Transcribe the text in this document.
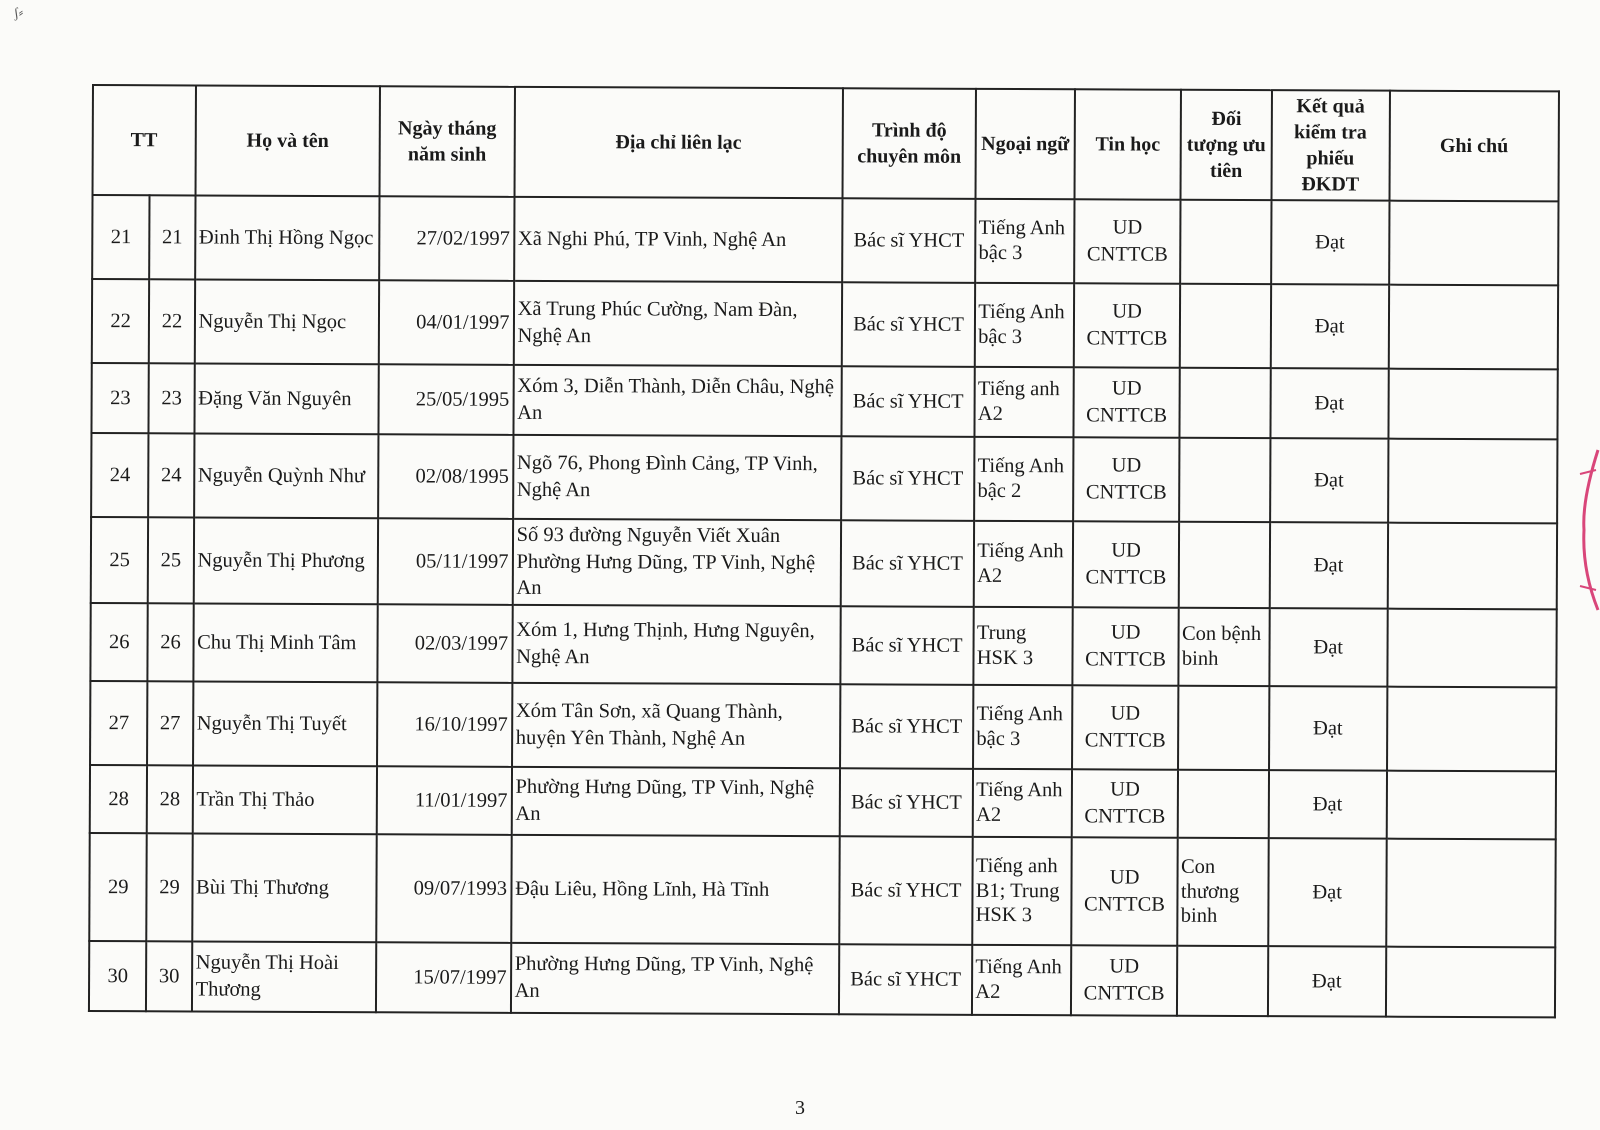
ʃ⸗
TT		Họ và tên	Ngày tháng năm sinh	Địa chỉ liên lạc	Trình độ chuyên môn	Ngoại ngữ	Tin học	Đối tượng ưu tiên	Kết quả kiểm tra phiếu ĐKDT	Ghi chú
21	21	Đinh Thị Hồng Ngọc	27/02/1997	Xã Nghi Phú, TP Vinh, Nghệ An	Bác sĩ YHCT	Tiếng Anh bậc 3	UD CNTTCB		Đạt	
22	22	Nguyễn Thị Ngọc	04/01/1997	Xã Trung Phúc Cường, Nam Đàn, Nghệ An	Bác sĩ YHCT	Tiếng Anh bậc 3	UD CNTTCB		Đạt	
23	23	Đặng Văn Nguyên	25/05/1995	Xóm 3, Diễn Thành, Diễn Châu, Nghệ An	Bác sĩ YHCT	Tiếng anh A2	UD CNTTCB		Đạt	
24	24	Nguyễn Quỳnh Như	02/08/1995	Ngõ 76, Phong Đình Cảng, TP Vinh, Nghệ An	Bác sĩ YHCT	Tiếng Anh bậc 2	UD CNTTCB		Đạt	
25	25	Nguyễn Thị Phương	05/11/1997	Số 93 đường Nguyễn Viết Xuân Phường Hưng Dũng, TP Vinh, Nghệ An	Bác sĩ YHCT	Tiếng Anh A2	UD CNTTCB		Đạt	
26	26	Chu Thị Minh Tâm	02/03/1997	Xóm 1, Hưng Thịnh, Hưng Nguyên, Nghệ An	Bác sĩ YHCT	Trung HSK 3	UD CNTTCB	Con bệnh binh	Đạt	
27	27	Nguyễn Thị Tuyết	16/10/1997	Xóm Tân Sơn, xã Quang Thành, huyện Yên Thành, Nghệ An	Bác sĩ YHCT	Tiếng Anh bậc 3	UD CNTTCB		Đạt	
28	28	Trần Thị Thảo	11/01/1997	Phường Hưng Dũng, TP Vinh, Nghệ An	Bác sĩ YHCT	Tiếng Anh A2	UD CNTTCB		Đạt	
29	29	Bùi Thị Thương	09/07/1993	Đậu Liêu, Hồng Lĩnh, Hà Tĩnh	Bác sĩ YHCT	Tiếng anh B1; Trung HSK 3	UD CNTTCB	Con thương binh	Đạt	
30	30	Nguyễn Thị Hoài Thương	15/07/1997	Phường Hưng Dũng, TP Vinh, Nghệ An	Bác sĩ YHCT	Tiếng Anh A2	UD CNTTCB		Đạt	
3
